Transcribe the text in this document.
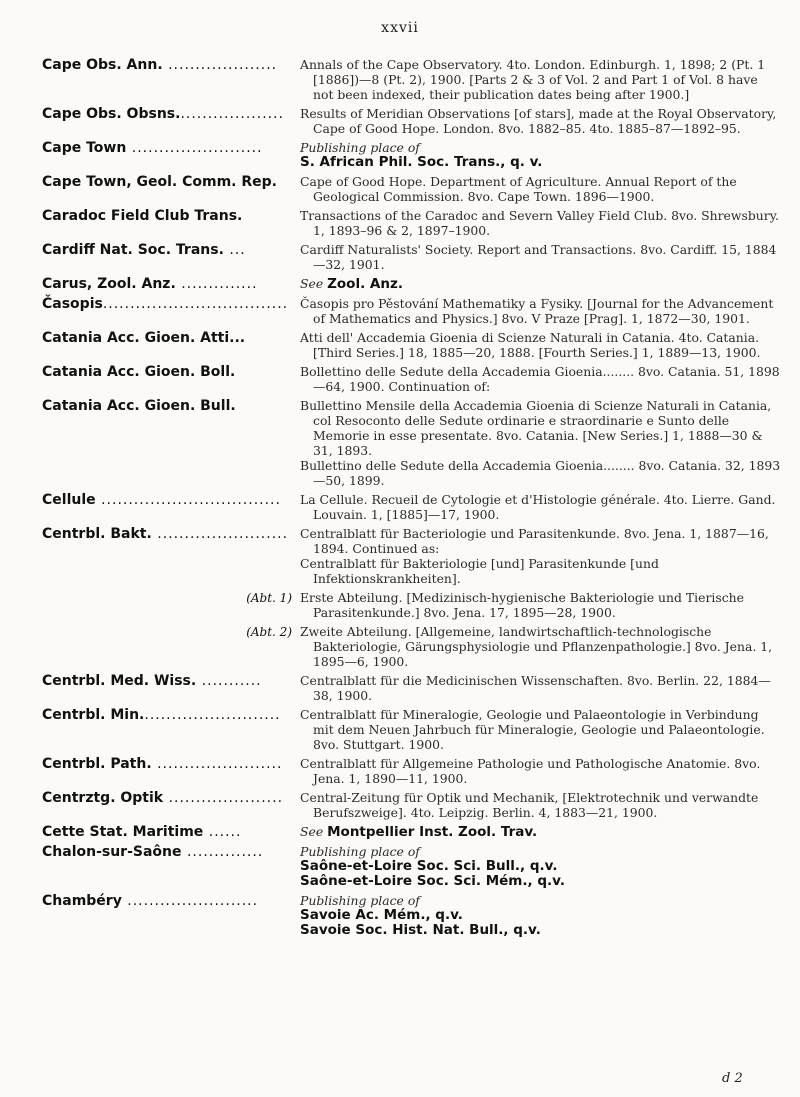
xxvii
Cape Obs. Ann. ....................	Annals of the Cape Observatory. 4to. London. Edinburgh. 1, 1898; 2 (Pt. 1 [1886])—8 (Pt. 2), 1900. [Parts 2 & 3 of Vol. 2 and Part 1 of Vol. 8 have not been indexed, their publication dates being after 1900.]
Cape Obs. Obsns....................	Results of Meridian Observations [of stars], made at the Royal Observatory, Cape of Good Hope. London. 8vo. 1882–85. 4to. 1885–87—1892–95.
Cape Town ........................	Publishing place of
S. African Phil. Soc. Trans., q. v.
Cape Town, Geol. Comm. Rep.	Cape of Good Hope. Department of Agriculture. Annual Report of the Geological Commission. 8vo. Cape Town. 1896—1900.
Caradoc Field Club Trans.	Transactions of the Caradoc and Severn Valley Field Club. 8vo. Shrewsbury. 1, 1893–96 & 2, 1897–1900.
Cardiff Nat. Soc. Trans. ...	Cardiff Naturalists' Society. Report and Transactions. 8vo. Cardiff. 15, 1884—32, 1901.
Carus, Zool. Anz. ..............	See Zool. Anz.
Časopis.................................. Časopis pro Pěstování Mathematiky a Fysiky. [Journal for the Advancement of Mathematics and Physics.] 8vo. V Praze [Prag]. 1, 1872—30, 1901.
Catania Acc. Gioen. Atti...	Atti dell' Accademia Gioenia di Scienze Naturali in Catania. 4to. Catania. [Third Series.] 18, 1885—20, 1888. [Fourth Series.] 1, 1889—13, 1900.
Catania Acc. Gioen. Boll.	Bollettino delle Sedute della Accademia Gioenia........ 8vo. Catania. 51, 1898—64, 1900. Continuation of:
Catania Acc. Gioen. Bull.	Bullettino Mensile della Accademia Gioenia di Scienze Naturali in Catania, col Resoconto delle Sedute ordinarie e straordinarie e Sunto delle Memorie in esse presentate. 8vo. Catania. [New Series.] 1, 1888—30 & 31, 1893.
Bullettino delle Sedute della Accademia Gioenia........ 8vo. Catania. 32, 1893—50, 1899.
Cellule .................................	La Cellule. Recueil de Cytologie et d'Histologie générale. 4to. Lierre. Gand. Louvain. 1, [1885]—17, 1900.
Centrbl. Bakt. ........................ Centralblatt für Bacteriologie und Parasitenkunde. 8vo. Jena. 1, 1887—16, 1894. Continued as:
Centralblatt für Bakteriologie [und] Parasitenkunde [und Infektionskrankheiten].
(Abt. 1) Erste Abteilung. [Medizinisch-hygienische Bakteriologie und Tierische Parasitenkunde.] 8vo. Jena. 17, 1895—28, 1900.
(Abt. 2) Zweite Abteilung. [Allgemeine, landwirtschaftlich-technologische Bakteriologie, Gärungsphysiologie und Pflanzenpathologie.] 8vo. Jena. 1, 1895—6, 1900.
Centrbl. Med. Wiss. ...........	Centralblatt für die Medicinischen Wissenschaften. 8vo. Berlin. 22, 1884—38, 1900.
Centrbl. Min..........................	Centralblatt für Mineralogie, Geologie und Palaeontologie in Verbindung mit dem Neuen Jahrbuch für Mineralogie, Geologie und Palaeontologie. 8vo. Stuttgart. 1900.
Centrbl. Path. .......................	Centralblatt für Allgemeine Pathologie und Pathologische Anatomie. 8vo. Jena. 1, 1890—11, 1900.
Centrztg. Optik .....................	Central-Zeitung für Optik und Mechanik, [Elektrotechnik und verwandte Berufszweige]. 4to. Leipzig. Berlin. 4, 1883—21, 1900.
Cette Stat. Maritime ......	See Montpellier Inst. Zool. Trav.
Chalon-sur-Saône ..............	Publishing place of
Saône-et-Loire Soc. Sci. Bull., q.v.
Saône-et-Loire Soc. Sci. Mém., q.v.
Chambéry ........................	Publishing place of
Savoie Ac. Mém., q.v.
Savoie Soc. Hist. Nat. Bull., q.v.
d 2
